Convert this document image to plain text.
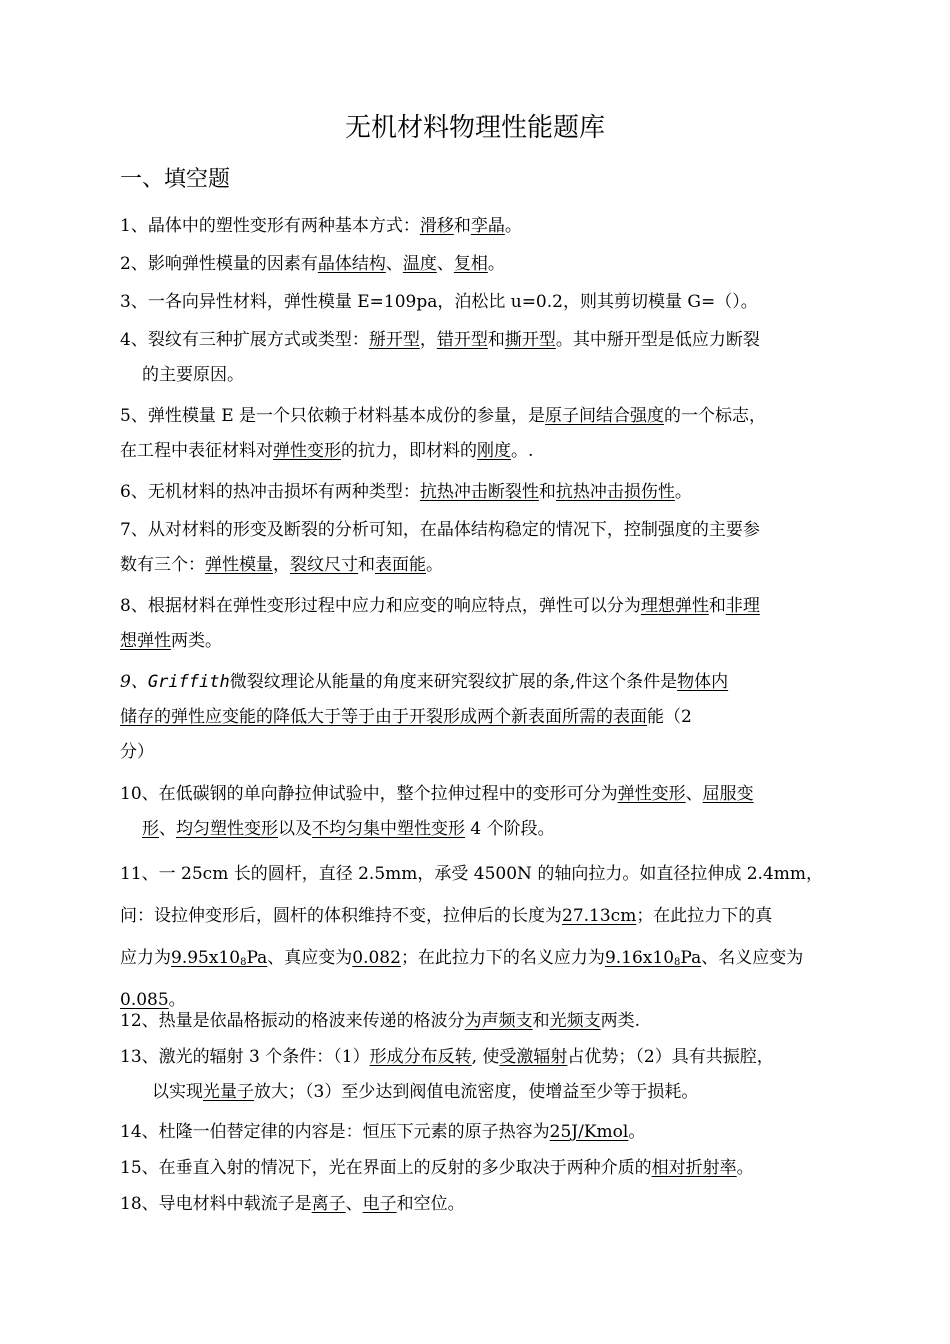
无机材料物理性能题库
一、填空题
1、晶体中的塑性变形有两种基本方式：滑移和孪晶。
2、影响弹性模量的因素有晶体结构、温度、复相。
3、一各向异性材料，弹性模量 E=109pa，泊松比 u=0.2，则其剪切模量 G=（）。
4、裂纹有三种扩展方式或类型：掰开型，错开型和撕开型。其中掰开型是低应力断裂
的主要原因。
5、弹性模量 E 是一个只依赖于材料基本成份的参量，是原子间结合强度的一个标志，
在工程中表征材料对弹性变形的抗力，即材料的刚度。.
6、无机材料的热冲击损坏有两种类型：抗热冲击断裂性和抗热冲击损伤性。
7、从对材料的形变及断裂的分析可知，在晶体结构稳定的情况下，控制强度的主要参
数有三个：弹性模量，裂纹尺寸和表面能。
8、根据材料在弹性变形过程中应力和应变的响应特点，弹性可以分为理想弹性和非理
想弹性两类。
9、Griffith微裂纹理论从能量的角度来研究裂纹扩展的条,件这个条件是物体内
储存的弹性应变能的降低大于等于由于开裂形成两个新表面所需的表面能（2
分）
10、在低碳钢的单向静拉伸试验中，整个拉伸过程中的变形可分为弹性变形、屈服变
形、均匀塑性变形以及不均匀集中塑性变形 4 个阶段。
11、一 25cm 长的圆杆，直径 2.5mm，承受 4500N 的轴向拉力。如直径拉伸成 2.4mm，
问：设拉伸变形后，圆杆的体积维持不变，拉伸后的长度为27.13cm；在此拉力下的真
应力为$9.95x10_8Pa$、真应变为0.082；在此拉力下的名义应力为$9.16x10_8Pa$、名义应变为
0.085。
12、热量是依晶格振动的格波来传递的格波分为声频支和光频支两类.
13、激光的辐射 3 个条件：（1）形成分布反转, 使受激辐射占优势；（2）具有共振腔，
以实现光量子放大；（3）至少达到阀值电流密度，使增益至少等于损耗。
14、杜隆一伯替定律的内容是：恒压下元素的原子热容为25J/Kmol。
15、在垂直入射的情况下，光在界面上的反射的多少取决于两种介质的相对折射率。
18、导电材料中载流子是离子、电子和空位。
